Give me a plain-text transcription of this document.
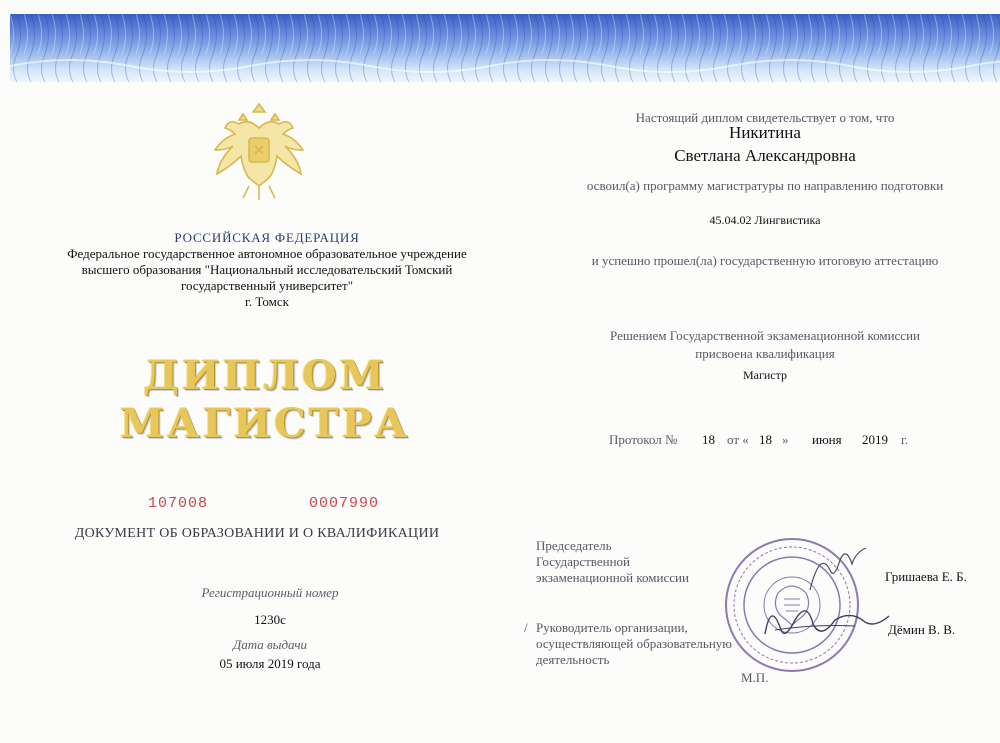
РОССИЙСКАЯ ФЕДЕРАЦИЯ
Федеральное государственное автономное образовательное учреждение
высшего образования "Национальный исследовательский Томский
государственный университет"
г. Томск
ДИПЛОМ
МАГИСТРА
107008	0007990
ДОКУМЕНТ ОБ ОБРАЗОВАНИИ И О КВАЛИФИКАЦИИ
Регистрационный номер
1230с
Дата выдачи
05 июля 2019 года
Настоящий диплом свидетельствует о том, что
Никитина
Светлана Александровна
освоил(а) программу магистратуры по направлению подготовки
45.04.02 Лингвистика
и успешно прошел(ла) государственную итоговую аттестацию
Решением Государственной экзаменационной комиссии
присвоена квалификация
Магистр
Протокол № 18 от « 18 » июня 2019 г.
Председатель
Государственной
экзаменационной комиссии	Гришаева Е. Б.
/ Руководитель организации,
осуществляющей образовательную
деятельность
Дёмин В. В.
М.П.
